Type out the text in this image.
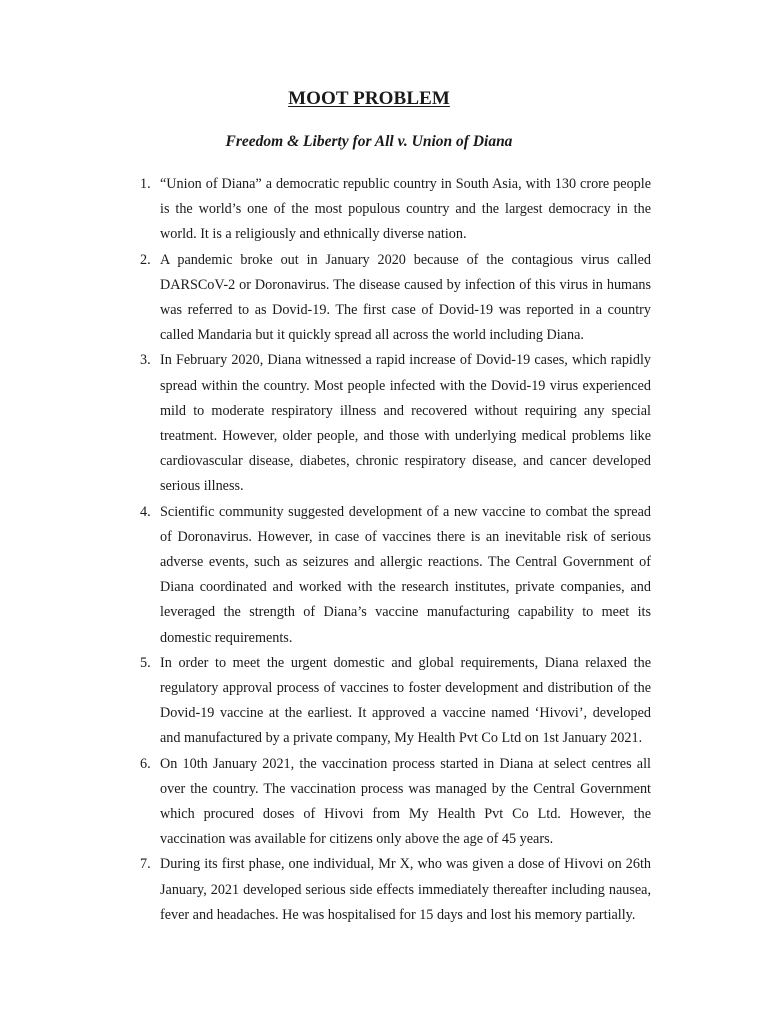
MOOT PROBLEM
Freedom & Liberty for All v. Union of Diana
1. “Union of Diana” a democratic republic country in South Asia, with 130 crore people is the world’s one of the most populous country and the largest democracy in the world. It is a religiously and ethnically diverse nation.
2. A pandemic broke out in January 2020 because of the contagious virus called DARSCoV-2 or Doronavirus. The disease caused by infection of this virus in humans was referred to as Dovid-19. The first case of Dovid-19 was reported in a country called Mandaria but it quickly spread all across the world including Diana.
3. In February 2020, Diana witnessed a rapid increase of Dovid-19 cases, which rapidly spread within the country. Most people infected with the Dovid-19 virus experienced mild to moderate respiratory illness and recovered without requiring any special treatment. However, older people, and those with underlying medical problems like cardiovascular disease, diabetes, chronic respiratory disease, and cancer developed serious illness.
4. Scientific community suggested development of a new vaccine to combat the spread of Doronavirus. However, in case of vaccines there is an inevitable risk of serious adverse events, such as seizures and allergic reactions. The Central Government of Diana coordinated and worked with the research institutes, private companies, and leveraged the strength of Diana’s vaccine manufacturing capability to meet its domestic requirements.
5. In order to meet the urgent domestic and global requirements, Diana relaxed the regulatory approval process of vaccines to foster development and distribution of the Dovid-19 vaccine at the earliest. It approved a vaccine named ‘Hivovi’, developed and manufactured by a private company, My Health Pvt Co Ltd on 1st January 2021.
6. On 10th January 2021, the vaccination process started in Diana at select centres all over the country. The vaccination process was managed by the Central Government which procured doses of Hivovi from My Health Pvt Co Ltd. However, the vaccination was available for citizens only above the age of 45 years.
7. During its first phase, one individual, Mr X, who was given a dose of Hivovi on 26th January, 2021 developed serious side effects immediately thereafter including nausea, fever and headaches. He was hospitalised for 15 days and lost his memory partially.
